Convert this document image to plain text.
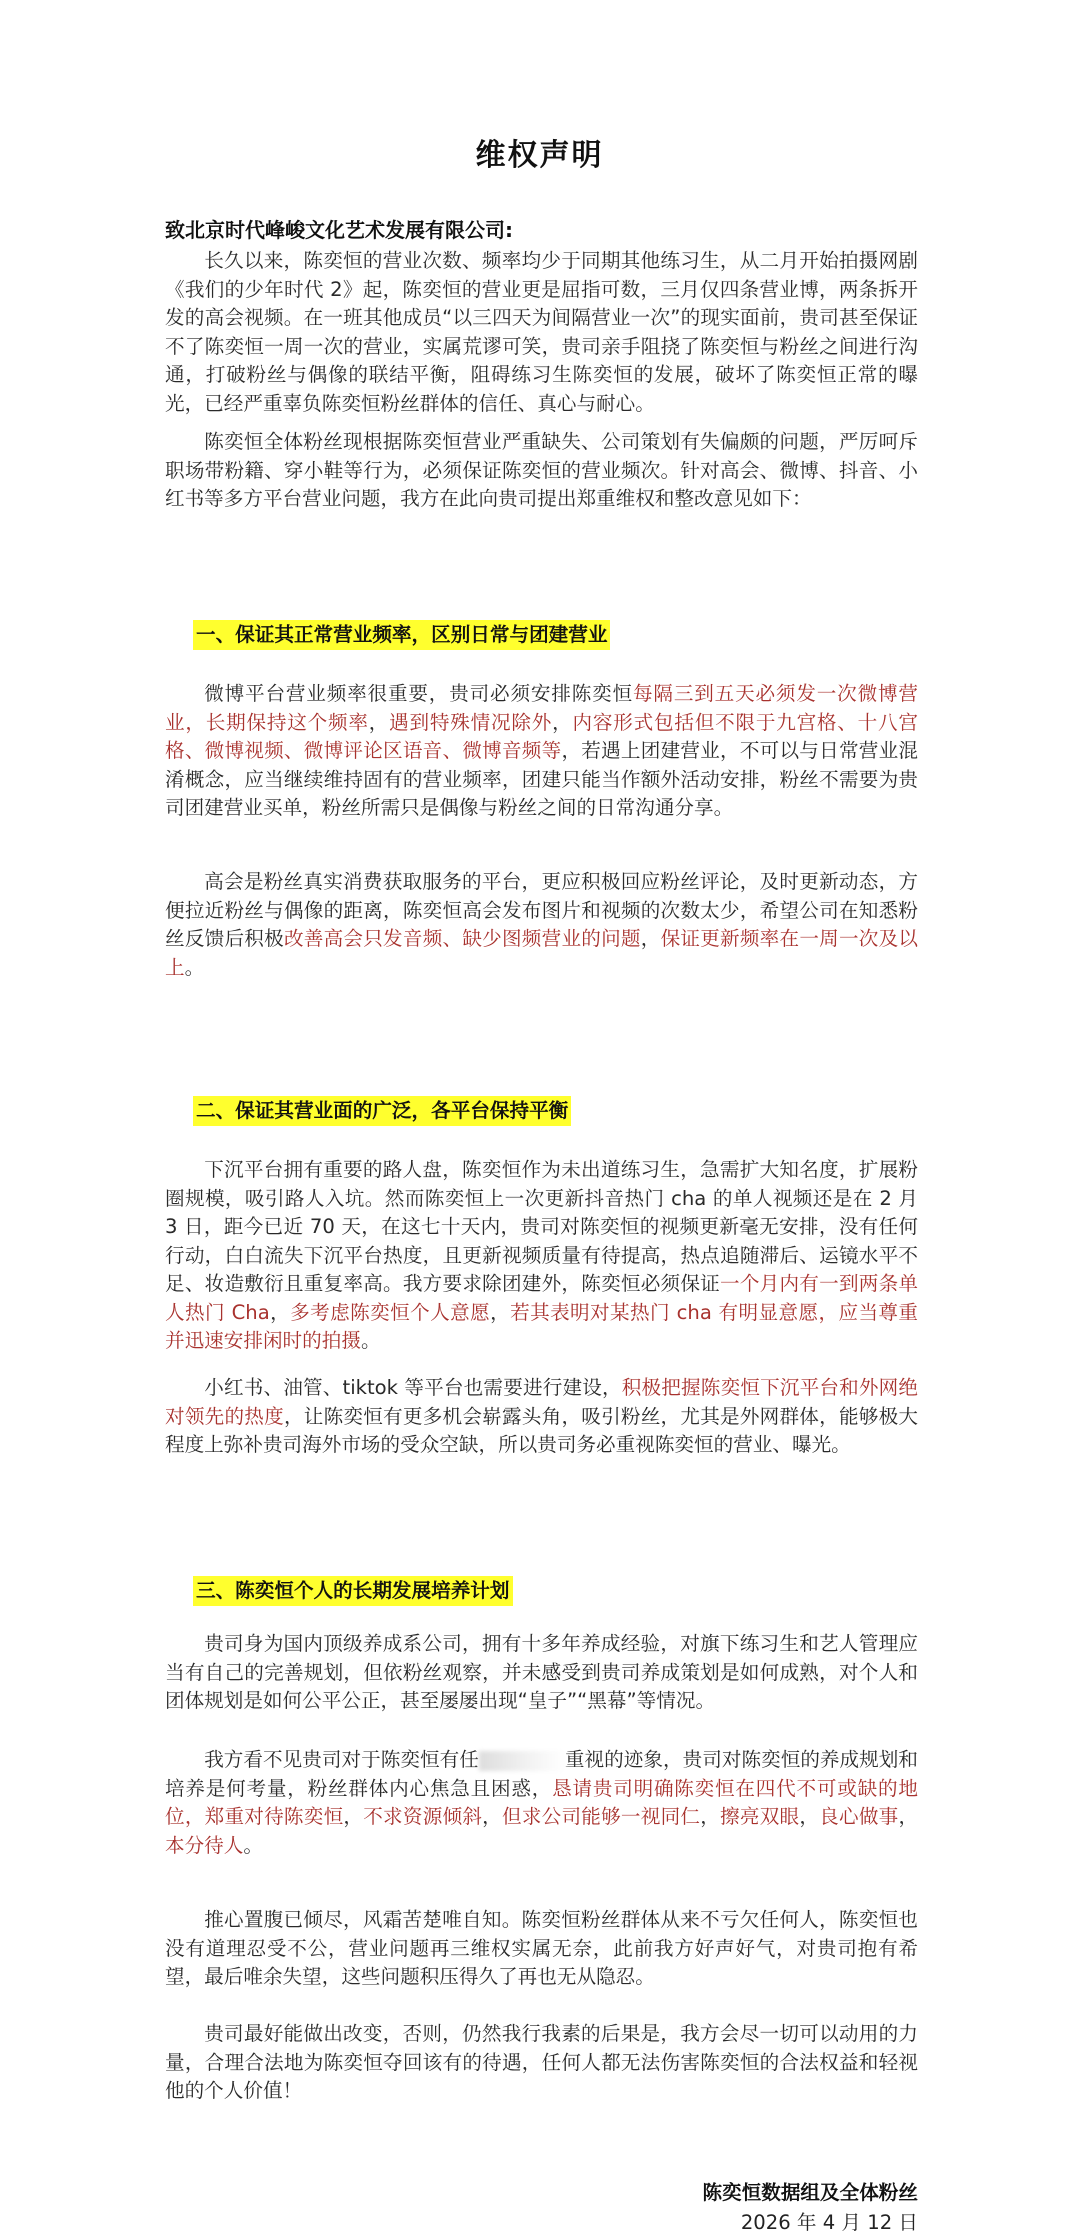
维权声明
致北京时代峰峻文化艺术发展有限公司:
长久以来，陈奕恒的营业次数、频率均少于同期其他练习生，从二月开始拍摄网剧《我们的少年时代 2》起，陈奕恒的营业更是屈指可数，三月仅四条营业博，两条拆开发的高会视频。在一班其他成员“以三四天为间隔营业一次”的现实面前，贵司甚至保证不了陈奕恒一周一次的营业，实属荒谬可笑，贵司亲手阻挠了陈奕恒与粉丝之间进行沟通，打破粉丝与偶像的联结平衡，阻碍练习生陈奕恒的发展，破坏了陈奕恒正常的曝光，已经严重辜负陈奕恒粉丝群体的信任、真心与耐心。
陈奕恒全体粉丝现根据陈奕恒营业严重缺失、公司策划有失偏颇的问题，严厉呵斥职场带粉籍、穿小鞋等行为，必须保证陈奕恒的营业频次。针对高会、微博、抖音、小红书等多方平台营业问题，我方在此向贵司提出郑重维权和整改意见如下：
一、保证其正常营业频率，区别日常与团建营业
微博平台营业频率很重要，贵司必须安排陈奕恒每隔三到五天必须发一次微博营业，长期保持这个频率，遇到特殊情况除外，内容形式包括但不限于九宫格、十八宫格、微博视频、微博评论区语音、微博音频等，若遇上团建营业，不可以与日常营业混淆概念，应当继续维持固有的营业频率，团建只能当作额外活动安排，粉丝不需要为贵司团建营业买单，粉丝所需只是偶像与粉丝之间的日常沟通分享。
高会是粉丝真实消费获取服务的平台，更应积极回应粉丝评论，及时更新动态，方便拉近粉丝与偶像的距离，陈奕恒高会发布图片和视频的次数太少，希望公司在知悉粉丝反馈后积极改善高会只发音频、缺少图频营业的问题，保证更新频率在一周一次及以上。
二、保证其营业面的广泛，各平台保持平衡
下沉平台拥有重要的路人盘，陈奕恒作为未出道练习生，急需扩大知名度，扩展粉圈规模，吸引路人入坑。然而陈奕恒上一次更新抖音热门 cha 的单人视频还是在 2 月 3 日，距今已近 70 天，在这七十天内，贵司对陈奕恒的视频更新毫无安排，没有任何行动，白白流失下沉平台热度，且更新视频质量有待提高，热点追随滞后、运镜水平不足、妆造敷衍且重复率高。我方要求除团建外，陈奕恒必须保证一个月内有一到两条单人热门 Cha，多考虑陈奕恒个人意愿，若其表明对某热门 cha 有明显意愿，应当尊重并迅速安排闲时的拍摄。
小红书、油管、tiktok 等平台也需要进行建设，积极把握陈奕恒下沉平台和外网绝对领先的热度，让陈奕恒有更多机会崭露头角，吸引粉丝，尤其是外网群体，能够极大程度上弥补贵司海外市场的受众空缺，所以贵司务必重视陈奕恒的营业、曝光。
三、陈奕恒个人的长期发展培养计划
贵司身为国内顶级养成系公司，拥有十多年养成经验，对旗下练习生和艺人管理应当有自己的完善规划，但依粉丝观察，并未感受到贵司养成策划是如何成熟，对个人和团体规划是如何公平公正，甚至屡屡出现“皇子”“黑幕”等情况。
我方看不见贵司对于陈奕恒有任	重视的迹象，贵司对陈奕恒的养成规划和培养是何考量，粉丝群体内心焦急且困惑，恳请贵司明确陈奕恒在四代不可或缺的地位，郑重对待陈奕恒，不求资源倾斜，但求公司能够一视同仁，擦亮双眼，良心做事，本分待人。
推心置腹已倾尽，风霜苦楚唯自知。陈奕恒粉丝群体从来不亏欠任何人，陈奕恒也没有道理忍受不公，营业问题再三维权实属无奈，此前我方好声好气，对贵司抱有希望，最后唯余失望，这些问题积压得久了再也无从隐忍。
贵司最好能做出改变，否则，仍然我行我素的后果是，我方会尽一切可以动用的力量，合理合法地为陈奕恒夺回该有的待遇，任何人都无法伤害陈奕恒的合法权益和轻视他的个人价值！
陈奕恒数据组及全体粉丝
2026 年 4 月 12 日
